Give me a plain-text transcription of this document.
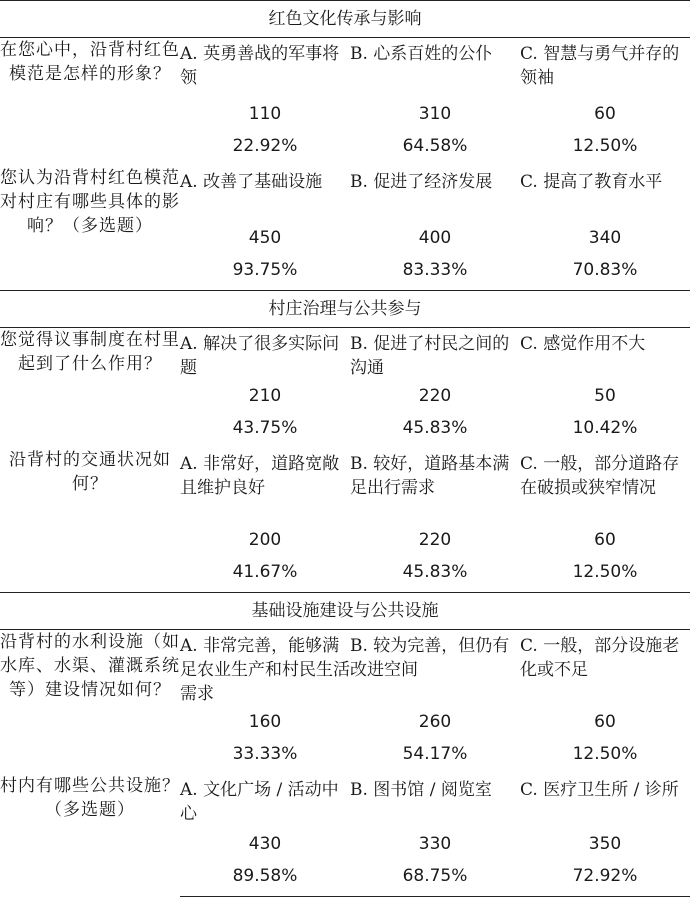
红色文化传承与影响			
在您心中，沿背村红色模范是怎样的形象？	A. 英勇善战的军事将领	B. 心系百姓的公仆	C. 智慧与勇气并存的领袖
	110	310	60
	22.92%	64.58%	12.50%
您认为沿背村红色模范对村庄有哪些具体的影响？（多选题）	A. 改善了基础设施	B. 促进了经济发展	C. 提高了教育水平
	450	400	340
	93.75%	83.33%	70.83%
村庄治理与公共参与			
您觉得议事制度在村里起到了什么作用？	A. 解决了很多实际问题	B. 促进了村民之间的沟通	C. 感觉作用不大
	210	220	50
	43.75%	45.83%	10.42%
沿背村的交通状况如何？	A. 非常好，道路宽敞且维护良好	B. 较好，道路基本满足出行需求	C. 一般，部分道路存在破损或狭窄情况
	200	220	60
	41.67%	45.83%	12.50%
基础设施建设与公共设施			
沿背村的水利设施（如水库、水渠、灌溉系统等）建设情况如何？	A. 非常完善，能够满足农业生产和村民生活需求	B. 较为完善，但仍有改进空间	C. 一般，部分设施老化或不足
	160	260	60
	33.33%	54.17%	12.50%
村内有哪些公共设施？（多选题）	A. 文化广场 / 活动中心	B. 图书馆 / 阅览室	C. 医疗卫生所 / 诊所
	430	330	350
	89.58%	68.75%	72.92%
